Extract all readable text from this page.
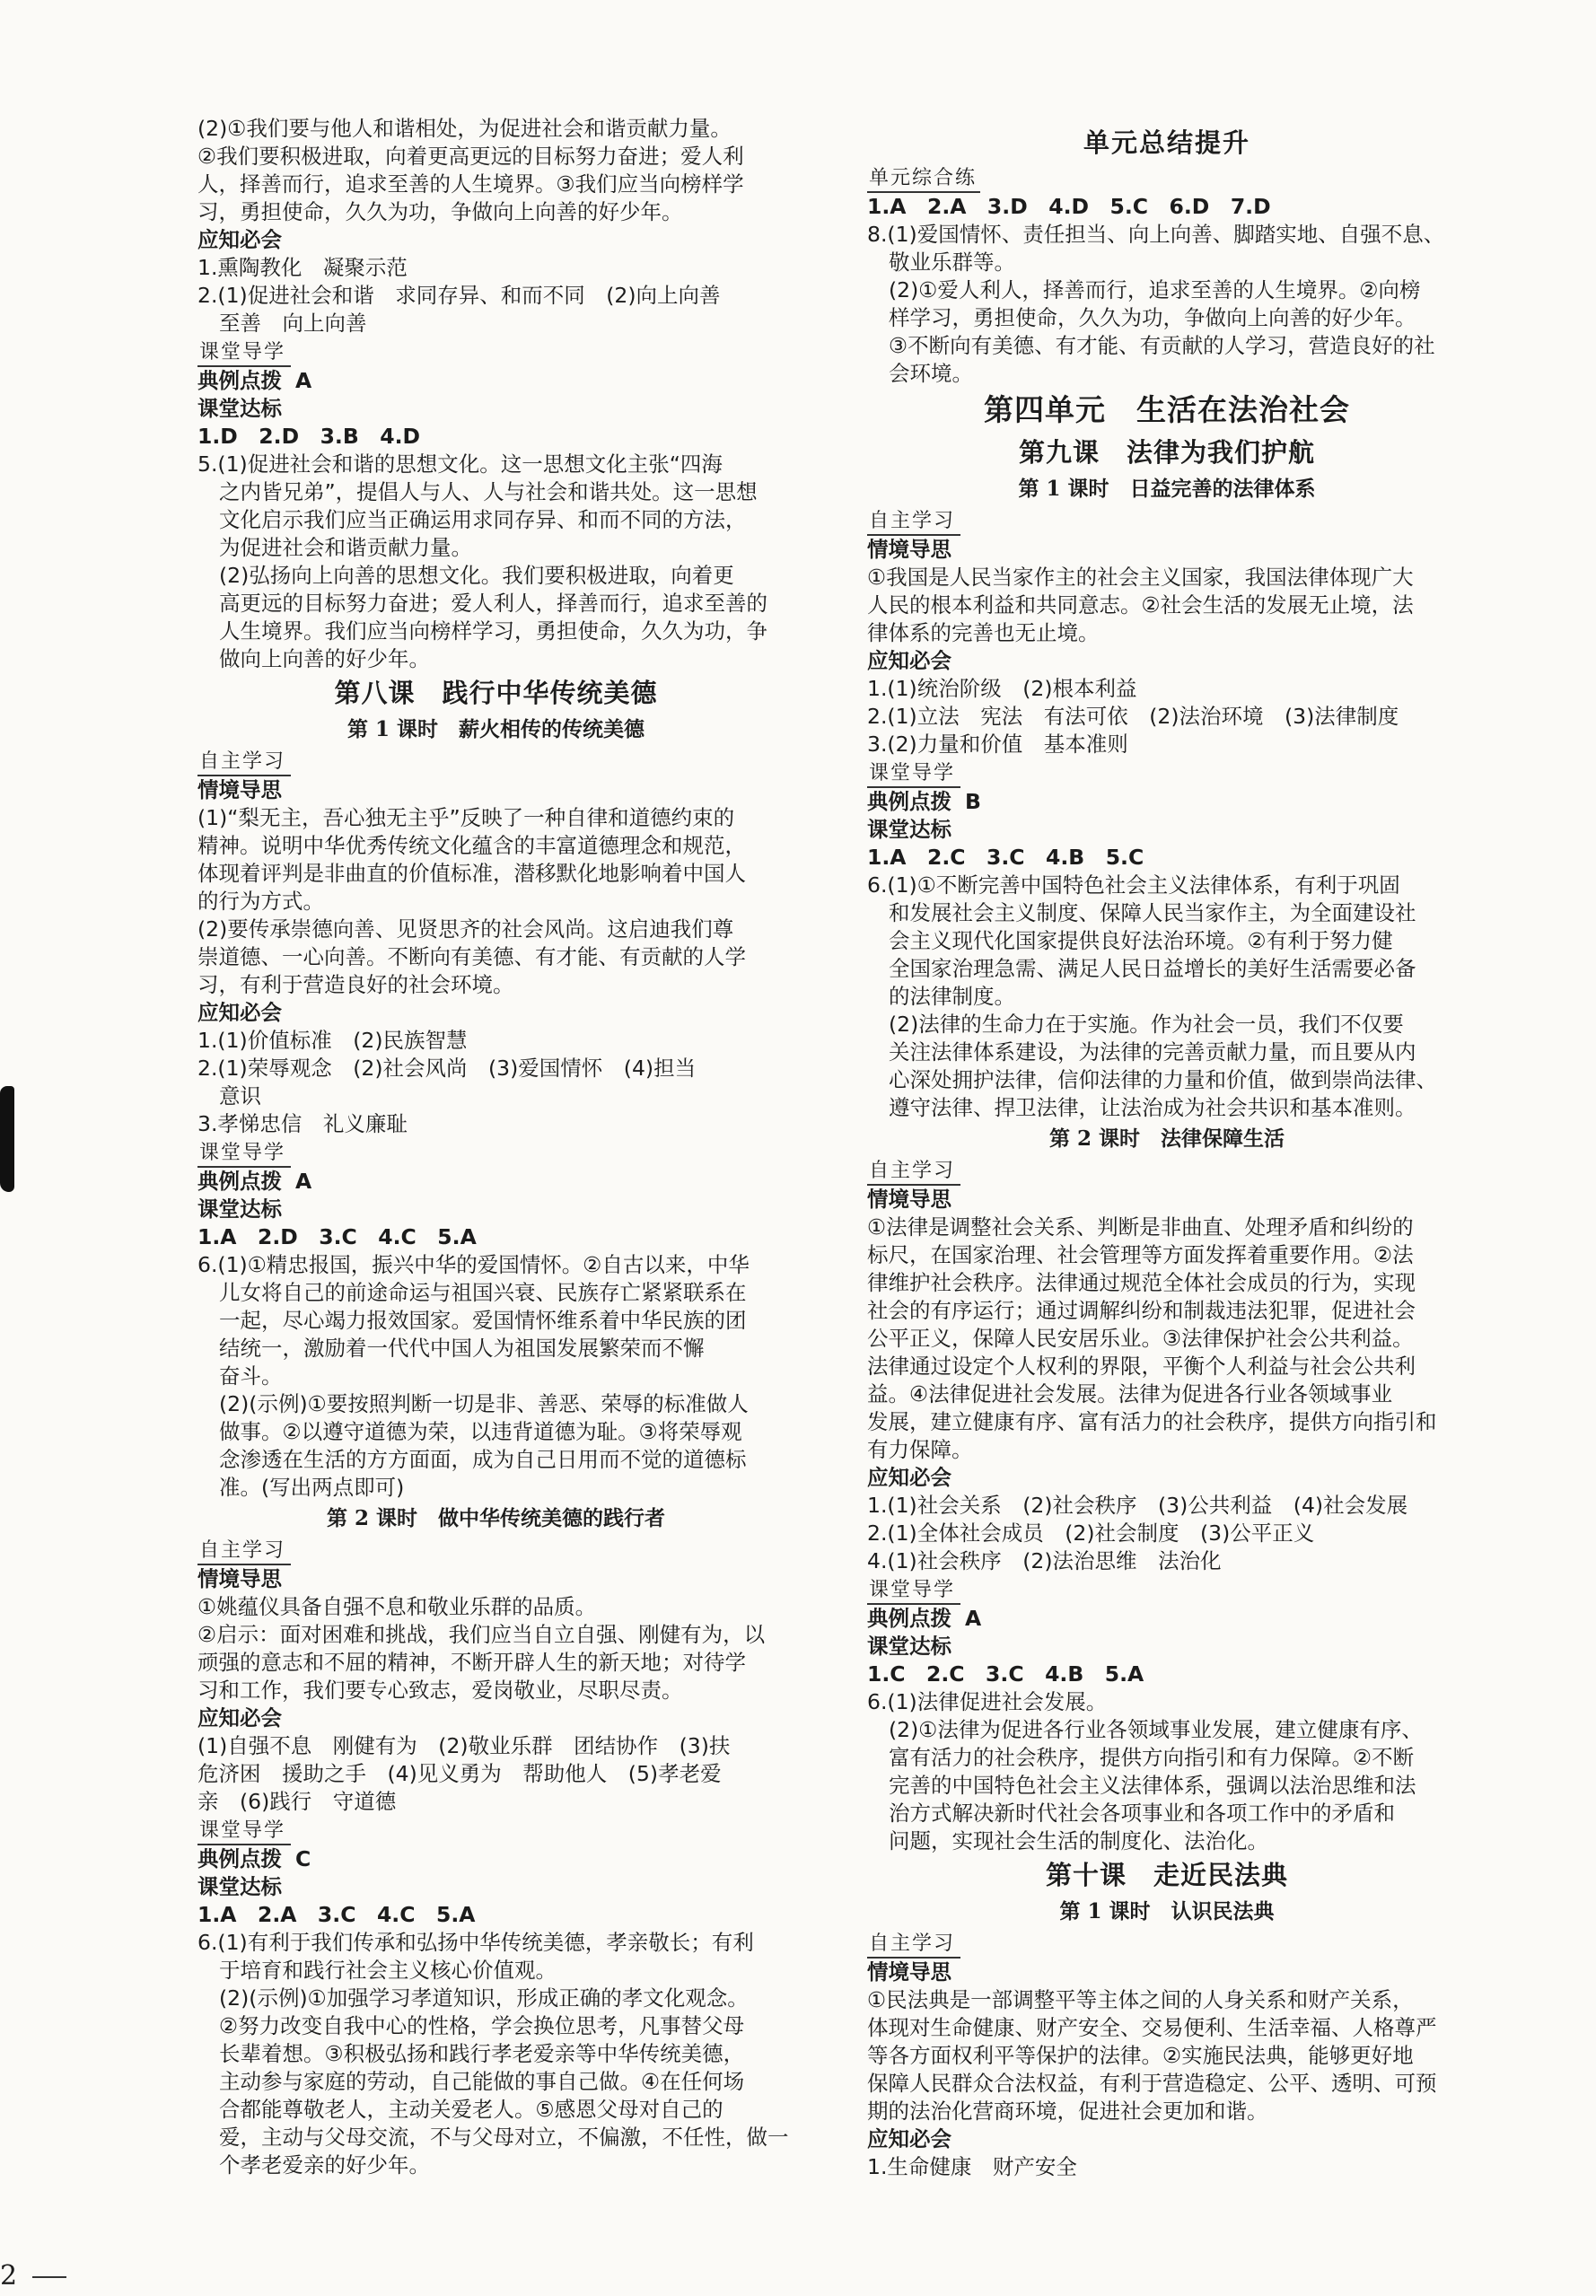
(2)①我们要与他人和谐相处，为促进社会和谐贡献力量。

②我们要积极进取，向着更高更远的目标努力奋进；爱人利

人，择善而行，追求至善的人生境界。③我们应当向榜样学

习，勇担使命，久久为功，争做向上向善的好少年。

应知必会

1.熏陶教化　凝聚示范

2.(1)促进社会和谐　求同存异、和而不同　(2)向上向善

至善　向上向善

课堂导学

典例点拨 A

课堂达标

1.D　2.D　3.B　4.D

5.(1)促进社会和谐的思想文化。这一思想文化主张“四海

之内皆兄弟”，提倡人与人、人与社会和谐共处。这一思想

文化启示我们应当正确运用求同存异、和而不同的方法，

为促进社会和谐贡献力量。

(2)弘扬向上向善的思想文化。我们要积极进取，向着更

高更远的目标努力奋进；爱人利人，择善而行，追求至善的

人生境界。我们应当向榜样学习，勇担使命，久久为功，争

做向上向善的好少年。

第八课　践行中华传统美德

第 1 课时　薪火相传的传统美德

自主学习

情境导思

(1)“梨无主，吾心独无主乎”反映了一种自律和道德约束的

精神。说明中华优秀传统文化蕴含的丰富道德理念和规范，

体现着评判是非曲直的价值标准，潜移默化地影响着中国人

的行为方式。

(2)要传承崇德向善、见贤思齐的社会风尚。这启迪我们尊

崇道德、一心向善。不断向有美德、有才能、有贡献的人学

习，有利于营造良好的社会环境。

应知必会

1.(1)价值标准　(2)民族智慧

2.(1)荣辱观念　(2)社会风尚　(3)爱国情怀　(4)担当

意识

3.孝悌忠信　礼义廉耻

课堂导学

典例点拨 A

课堂达标

1.A　2.D　3.C　4.C　5.A

6.(1)①精忠报国，振兴中华的爱国情怀。②自古以来，中华

儿女将自己的前途命运与祖国兴衰、民族存亡紧紧联系在

一起，尽心竭力报效国家。爱国情怀维系着中华民族的团

结统一，激励着一代代中国人为祖国发展繁荣而不懈

奋斗。

(2)(示例)①要按照判断一切是非、善恶、荣辱的标准做人

做事。②以遵守道德为荣，以违背道德为耻。③将荣辱观

念渗透在生活的方方面面，成为自己日用而不觉的道德标

准。(写出两点即可)

第 2 课时　做中华传统美德的践行者

自主学习

情境导思

①姚蕴仪具备自强不息和敬业乐群的品质。

②启示：面对困难和挑战，我们应当自立自强、刚健有为，以

顽强的意志和不屈的精神，不断开辟人生的新天地；对待学

习和工作，我们要专心致志，爱岗敬业，尽职尽责。

应知必会

(1)自强不息　刚健有为　(2)敬业乐群　团结协作　(3)扶

危济困　援助之手　(4)见义勇为　帮助他人　(5)孝老爱

亲　(6)践行　守道德

课堂导学

典例点拨 C

课堂达标

1.A　2.A　3.C　4.C　5.A

6.(1)有利于我们传承和弘扬中华传统美德，孝亲敬长；有利

于培育和践行社会主义核心价值观。

(2)(示例)①加强学习孝道知识，形成正确的孝文化观念。

②努力改变自我中心的性格，学会换位思考，凡事替父母

长辈着想。③积极弘扬和践行孝老爱亲等中华传统美德，

主动参与家庭的劳动，自己能做的事自己做。④在任何场

合都能尊敬老人，主动关爱老人。⑤感恩父母对自己的

爱，主动与父母交流，不与父母对立，不偏激，不任性，做一

个孝老爱亲的好少年。

单元总结提升

单元综合练

1.A　2.A　3.D　4.D　5.C　6.D　7.D

8.(1)爱国情怀、责任担当、向上向善、脚踏实地、自强不息、

敬业乐群等。

(2)①爱人利人，择善而行，追求至善的人生境界。②向榜

样学习，勇担使命，久久为功，争做向上向善的好少年。

③不断向有美德、有才能、有贡献的人学习，营造良好的社

会环境。

第四单元　生活在法治社会

第九课　法律为我们护航

第 1 课时　日益完善的法律体系

自主学习

情境导思

①我国是人民当家作主的社会主义国家，我国法律体现广大

人民的根本利益和共同意志。②社会生活的发展无止境，法

律体系的完善也无止境。

应知必会

1.(1)统治阶级　(2)根本利益

2.(1)立法　宪法　有法可依　(2)法治环境　(3)法律制度

3.(2)力量和价值　基本准则

课堂导学

典例点拨 B

课堂达标

1.A　2.C　3.C　4.B　5.C

6.(1)①不断完善中国特色社会主义法律体系，有利于巩固

和发展社会主义制度、保障人民当家作主，为全面建设社

会主义现代化国家提供良好法治环境。②有利于努力健

全国家治理急需、满足人民日益增长的美好生活需要必备

的法律制度。

(2)法律的生命力在于实施。作为社会一员，我们不仅要

关注法律体系建设，为法律的完善贡献力量，而且要从内

心深处拥护法律，信仰法律的力量和价值，做到崇尚法律、

遵守法律、捍卫法律，让法治成为社会共识和基本准则。

第 2 课时　法律保障生活

自主学习

情境导思

①法律是调整社会关系、判断是非曲直、处理矛盾和纠纷的

标尺，在国家治理、社会管理等方面发挥着重要作用。②法

律维护社会秩序。法律通过规范全体社会成员的行为，实现

社会的有序运行；通过调解纠纷和制裁违法犯罪，促进社会

公平正义，保障人民安居乐业。③法律保护社会公共利益。

法律通过设定个人权利的界限，平衡个人利益与社会公共利

益。④法律促进社会发展。法律为促进各行业各领域事业

发展，建立健康有序、富有活力的社会秩序，提供方向指引和

有力保障。

应知必会

1.(1)社会关系　(2)社会秩序　(3)公共利益　(4)社会发展

2.(1)全体社会成员　(2)社会制度　(3)公平正义

4.(1)社会秩序　(2)法治思维　法治化

课堂导学

典例点拨 A

课堂达标

1.C　2.C　3.C　4.B　5.A

6.(1)法律促进社会发展。

(2)①法律为促进各行业各领域事业发展，建立健康有序、

富有活力的社会秩序，提供方向指引和有力保障。②不断

完善的中国特色社会主义法律体系，强调以法治思维和法

治方式解决新时代社会各项事业和各项工作中的矛盾和

问题，实现社会生活的制度化、法治化。

第十课　走近民法典

第 1 课时　认识民法典

自主学习

情境导思

①民法典是一部调整平等主体之间的人身关系和财产关系，

体现对生命健康、财产安全、交易便利、生活幸福、人格尊严

等各方面权利平等保护的法律。②实施民法典，能够更好地

保障人民群众合法权益，有利于营造稳定、公平、透明、可预

期的法治化营商环境，促进社会更加和谐。

应知必会

1.生命健康　财产安全

2
